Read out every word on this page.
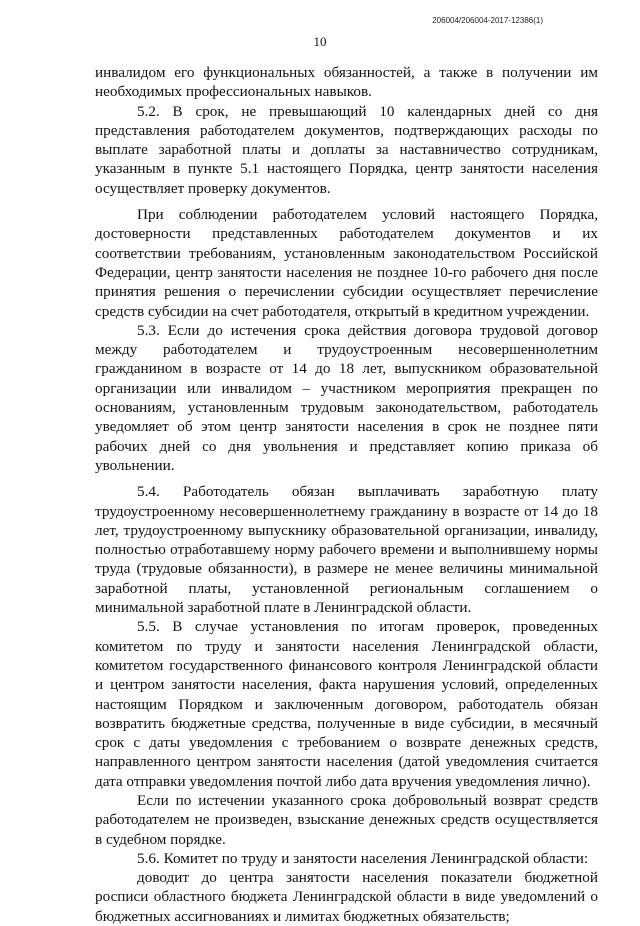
206004/206004-2017-12386(1)
10

инвалидом его функциональных обязанностей, а также в получении им необходимых профессиональных навыков.

5.2. В срок, не превышающий 10 календарных дней со дня представления работодателем документов, подтверждающих расходы по выплате заработной платы и доплаты за наставничество сотрудникам, указанным в пункте 5.1 настоящего Порядка, центр занятости населения осуществляет проверку документов.

При соблюдении работодателем условий настоящего Порядка, достоверности представленных работодателем документов и их соответствии требованиям, установленным законодательством Российской Федерации, центр занятости населения не позднее 10-го рабочего дня после принятия решения о перечислении субсидии осуществляет перечисление средств субсидии на счет работодателя, открытый в кредитном учреждении.

5.3. Если до истечения срока действия договора трудовой договор между работодателем и трудоустроенным несовершеннолетним гражданином в возрасте от 14 до 18 лет, выпускником образовательной организации или инвалидом – участником мероприятия прекращен по основаниям, установленным трудовым законодательством, работодатель уведомляет об этом центр занятости населения в срок не позднее пяти рабочих дней со дня увольнения и представляет копию приказа об увольнении.

5.4. Работодатель обязан выплачивать заработную плату трудоустроенному несовершеннолетнему гражданину в возрасте от 14 до 18 лет, трудоустроенному выпускнику образовательной организации, инвалиду, полностью отработавшему норму рабочего времени и выполнившему нормы труда (трудовые обязанности), в размере не менее величины минимальной заработной платы, установленной региональным соглашением о минимальной заработной плате в Ленинградской области.

5.5. В случае установления по итогам проверок, проведенных комитетом по труду и занятости населения Ленинградской области, комитетом государственного финансового контроля Ленинградской области и центром занятости населения, факта нарушения условий, определенных настоящим Порядком и заключенным договором, работодатель обязан возвратить бюджетные средства, полученные в виде субсидии, в месячный срок с даты уведомления с требованием о возврате денежных средств, направленного центром занятости населения (датой уведомления считается дата отправки уведомления почтой либо дата вручения уведомления лично).

Если по истечении указанного срока добровольный возврат средств работодателем не произведен, взыскание денежных средств осуществляется в судебном порядке.

5.6. Комитет по труду и занятости населения Ленинградской области:

доводит до центра занятости населения показатели бюджетной росписи областного бюджета Ленинградской области в виде уведомлений о бюджетных ассигнованиях и лимитах бюджетных обязательств;
